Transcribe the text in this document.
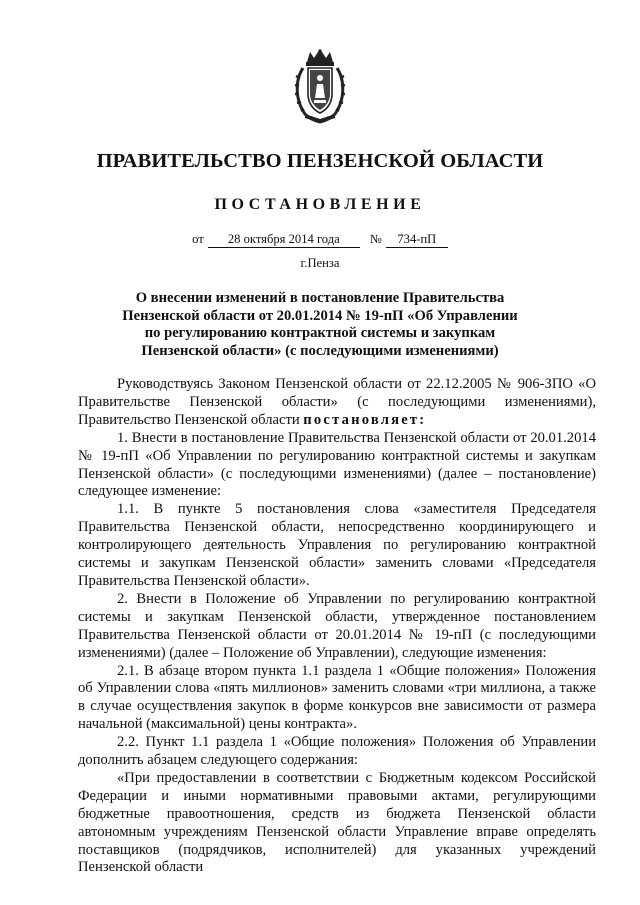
ПРАВИТЕЛЬСТВО ПЕНЗЕНСКОЙ ОБЛАСТИ
ПОСТАНОВЛЕНИЕ
от 28 октября 2014 года № 734-пП
г.Пенза
О внесении изменений в постановление Правительства
Пензенской области от 20.01.2014 № 19-пП «Об Управлении
по регулированию контрактной системы и закупкам
Пензенской области» (с последующими изменениями)

Руководствуясь Законом Пензенской области от 22.12.2005 № 906-ЗПО «О Правительстве Пензенской области» (с последующими изменениями), Правительство Пензенской области постановляет:

1. Внести в постановление Правительства Пензенской области от 20.01.2014 № 19-пП «Об Управлении по регулированию контрактной системы и закупкам Пензенской области» (с последующими изменениями) (далее – постановление) следующее изменение:

1.1. В пункте 5 постановления слова «заместителя Председателя Правительства Пензенской области, непосредственно координирующего и контролирующего деятельность Управления по регулированию контрактной системы и закупкам Пензенской области» заменить словами «Председателя Правительства Пензенской области».

2. Внести в Положение об Управлении по регулированию контрактной системы и закупкам Пензенской области, утвержденное постановлением Правительства Пензенской области от 20.01.2014 № 19-пП (с последующими изменениями) (далее – Положение об Управлении), следующие изменения:

2.1. В абзаце втором пункта 1.1 раздела 1 «Общие положения» Положения об Управлении слова «пять миллионов» заменить словами «три миллиона, а также в случае осуществления закупок в форме конкурсов вне зависимости от размера начальной (максимальной) цены контракта».

2.2. Пункт 1.1 раздела 1 «Общие положения» Положения об Управлении дополнить абзацем следующего содержания:

«При предоставлении в соответствии с Бюджетным кодексом Российской Федерации и иными нормативными правовыми актами, регулирующими бюджетные правоотношения, средств из бюджета Пензенской области автономным учреждениям Пензенской области Управление вправе определять поставщиков (подрядчиков, исполнителей) для указанных учреждений Пензенской области
